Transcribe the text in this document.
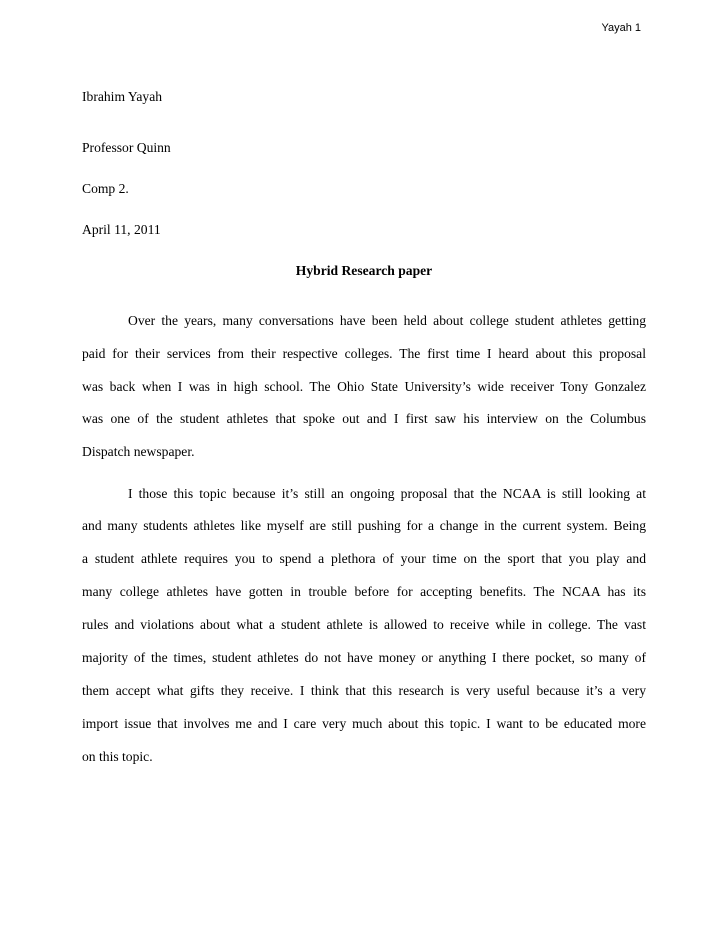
Yayah 1
Ibrahim Yayah
Professor Quinn
Comp 2.
April 11, 2011
Hybrid Research paper
Over the years, many conversations have been held about college student athletes getting
paid for their services from their respective colleges. The first time I heard about this proposal
was back when I was in high school. The Ohio State University’s wide receiver Tony Gonzalez
was one of the student athletes that spoke out and I first saw his interview on the Columbus
Dispatch newspaper.
I those this topic because it’s still an ongoing proposal that the NCAA is still looking at
and many students athletes like myself are still pushing for a change in the current system. Being
a student athlete requires you to spend a plethora of your time on the sport that you play and
many college athletes have gotten in trouble before for accepting benefits. The NCAA has its
rules and violations about what a student athlete is allowed to receive while in college. The vast
majority of the times, student athletes do not have money or anything I there pocket, so many of
them accept what gifts they receive. I think that this research is very useful because it’s a very
import issue that involves me and I care very much about this topic. I want to be educated more
on this topic.
